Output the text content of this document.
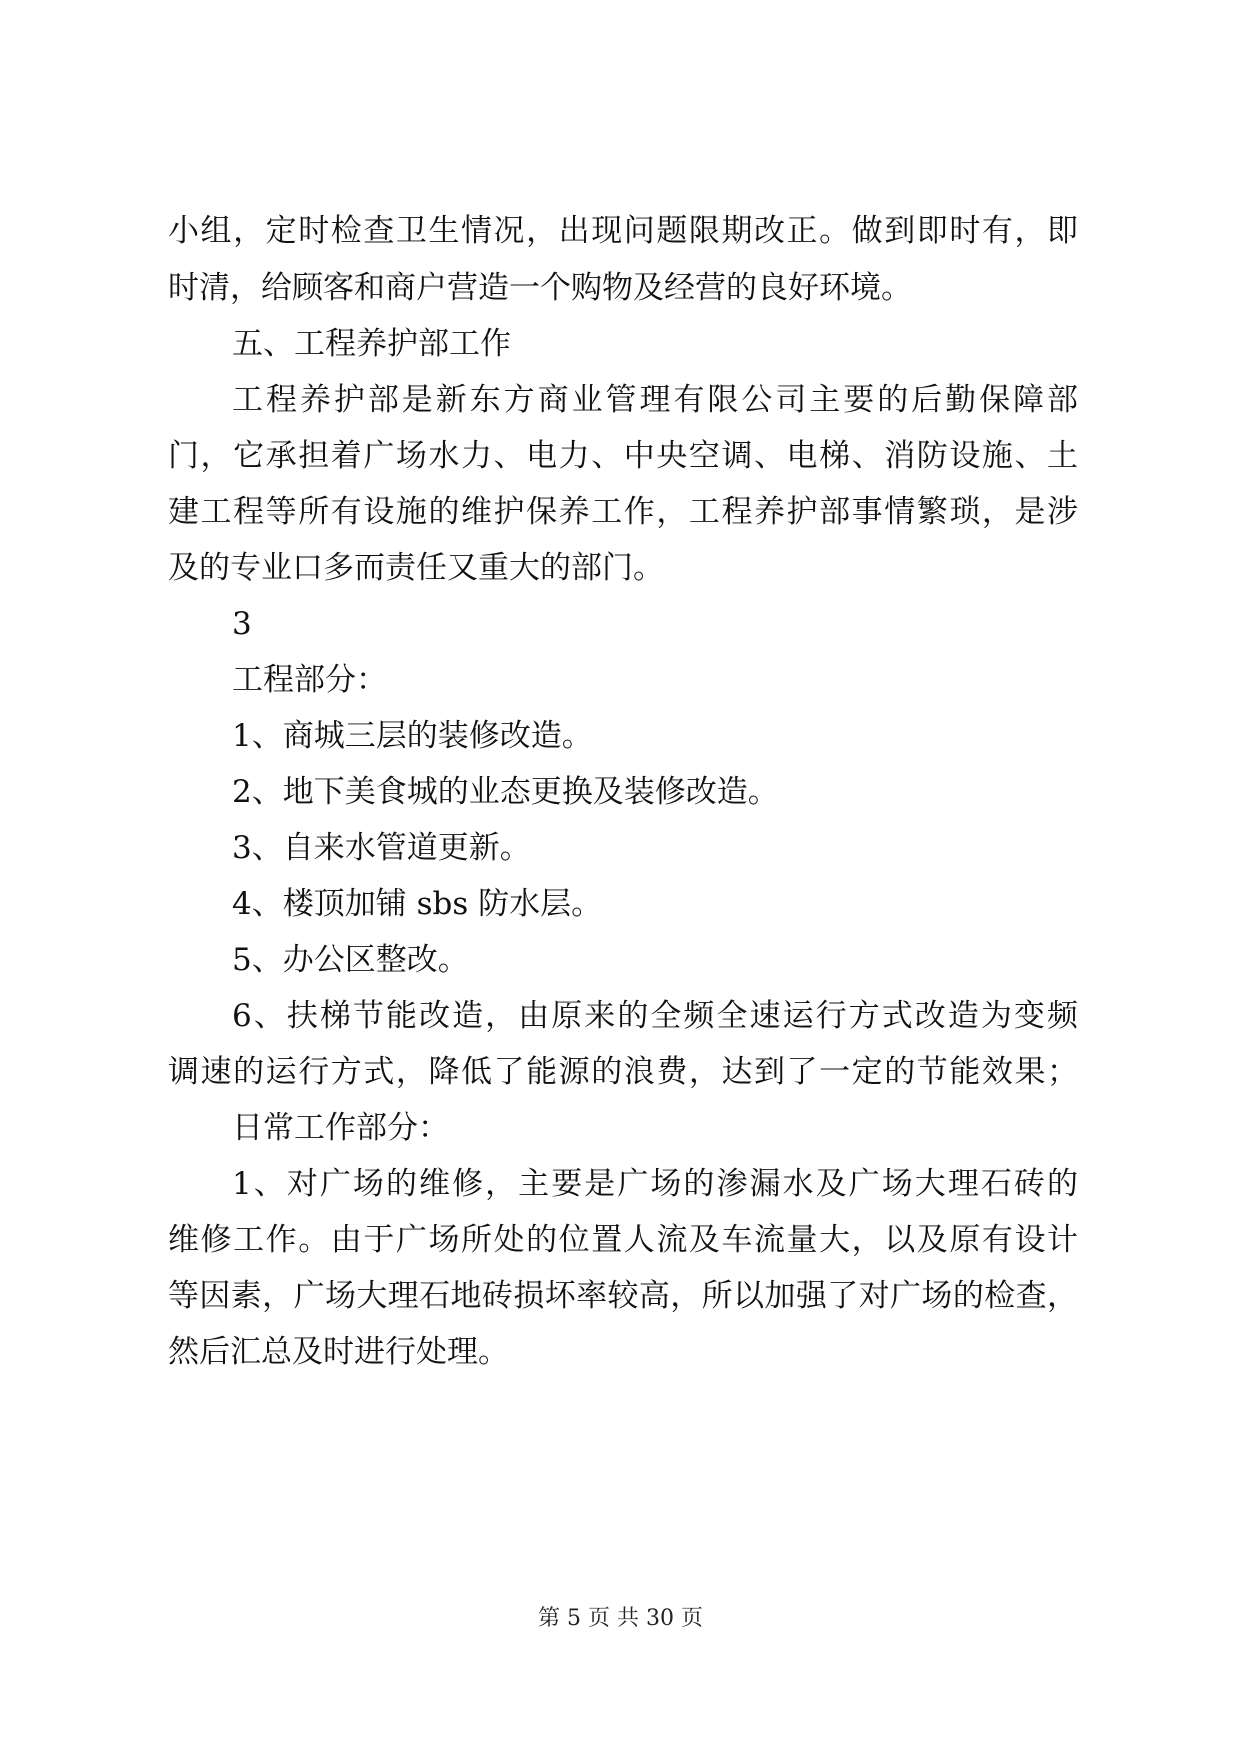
小组，定时检查卫生情况，出现问题限期改正。做到即时有，即
时清，给顾客和商户营造一个购物及经营的良好环境。
五、工程养护部工作
工程养护部是新东方商业管理有限公司主要的后勤保障部
门，它承担着广场水力、电力、中央空调、电梯、消防设施、土
建工程等所有设施的维护保养工作，工程养护部事情繁琐，是涉
及的专业口多而责任又重大的部门。
3
工程部分：
1、商城三层的装修改造。
2、地下美食城的业态更换及装修改造。
3、自来水管道更新。
4、楼顶加铺 sbs 防水层。
5、办公区整改。
6、扶梯节能改造，由原来的全频全速运行方式改造为变频
调速的运行方式，降低了能源的浪费，达到了一定的节能效果；
日常工作部分：
1、对广场的维修，主要是广场的渗漏水及广场大理石砖的
维修工作。由于广场所处的位置人流及车流量大，以及原有设计
等因素，广场大理石地砖损坏率较高，所以加强了对广场的检查，
然后汇总及时进行处理。
第 5 页 共 30 页
